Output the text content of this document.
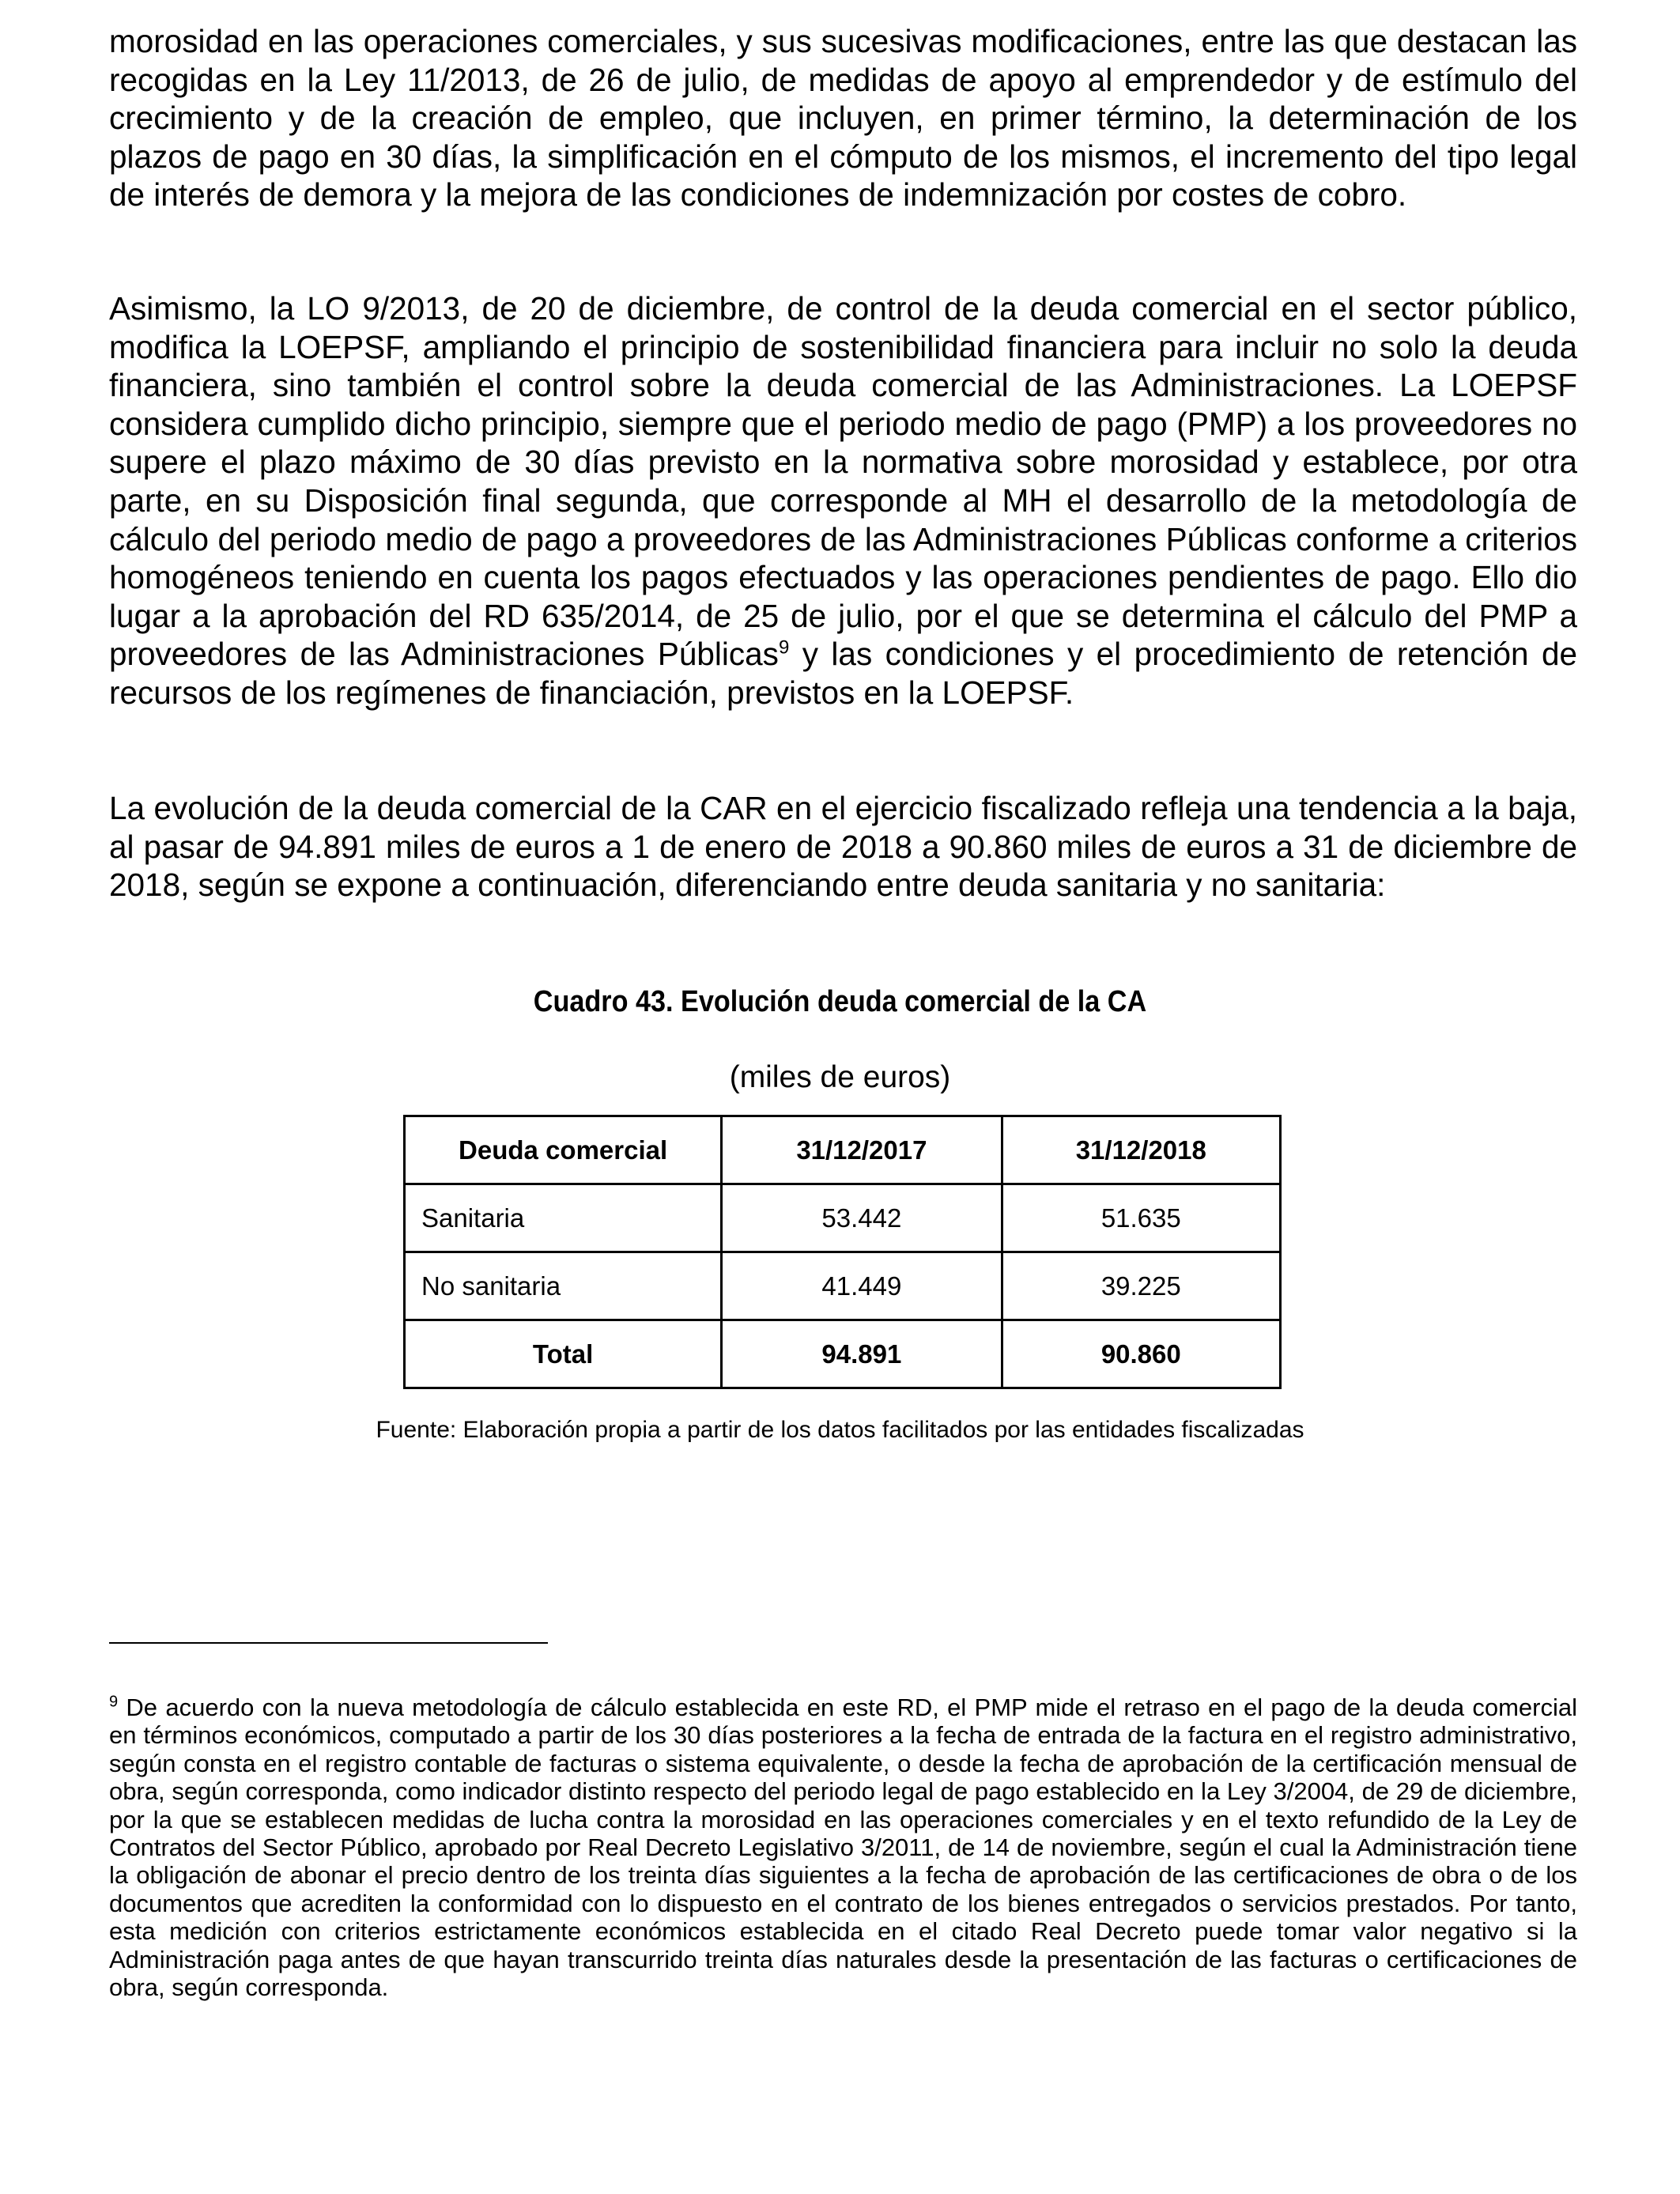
morosidad en las operaciones comerciales, y sus sucesivas modificaciones, entre las que destacan las recogidas en la Ley 11/2013, de 26 de julio, de medidas de apoyo al emprendedor y de estímulo del crecimiento y de la creación de empleo, que incluyen, en primer término, la determinación de los plazos de pago en 30 días, la simplificación en el cómputo de los mismos, el incremento del tipo legal de interés de demora y la mejora de las condiciones de indemnización por costes de cobro.

Asimismo, la LO 9/2013, de 20 de diciembre, de control de la deuda comercial en el sector público, modifica la LOEPSF, ampliando el principio de sostenibilidad financiera para incluir no solo la deuda financiera, sino también el control sobre la deuda comercial de las Administraciones. La LOEPSF considera cumplido dicho principio, siempre que el periodo medio de pago (PMP) a los proveedores no supere el plazo máximo de 30 días previsto en la normativa sobre morosidad y establece, por otra parte, en su Disposición final segunda, que corresponde al MH el desarrollo de la metodología de cálculo del periodo medio de pago a proveedores de las Administraciones Públicas conforme a criterios homogéneos teniendo en cuenta los pagos efectuados y las operaciones pendientes de pago. Ello dio lugar a la aprobación del RD 635/2014, de 25 de julio, por el que se determina el cálculo del PMP a proveedores de las Administraciones Públicas$^9$ y las condiciones y el procedimiento de retención de recursos de los regímenes de financiación, previstos en la LOEPSF.

La evolución de la deuda comercial de la CAR en el ejercicio fiscalizado refleja una tendencia a la baja, al pasar de 94.891 miles de euros a 1 de enero de 2018 a 90.860 miles de euros a 31 de diciembre de 2018, según se expone a continuación, diferenciando entre deuda sanitaria y no sanitaria:

Cuadro 43. Evolución deuda comercial de la CA

(miles de euros)

Deuda comercial	31/12/2017	31/12/2018
Sanitaria	53.442	51.635
No sanitaria	41.449	39.225
Total	94.891	90.860

Fuente: Elaboración propia a partir de los datos facilitados por las entidades fiscalizadas

$^9$ De acuerdo con la nueva metodología de cálculo establecida en este RD, el PMP mide el retraso en el pago de la deuda comercial en términos económicos, computado a partir de los 30 días posteriores a la fecha de entrada de la factura en el registro administrativo, según consta en el registro contable de facturas o sistema equivalente, o desde la fecha de aprobación de la certificación mensual de obra, según corresponda, como indicador distinto respecto del periodo legal de pago establecido en la Ley 3/2004, de 29 de diciembre, por la que se establecen medidas de lucha contra la morosidad en las operaciones comerciales y en el texto refundido de la Ley de Contratos del Sector Público, aprobado por Real Decreto Legislativo 3/2011, de 14 de noviembre, según el cual la Administración tiene la obligación de abonar el precio dentro de los treinta días siguientes a la fecha de aprobación de las certificaciones de obra o de los documentos que acrediten la conformidad con lo dispuesto en el contrato de los bienes entregados o servicios prestados. Por tanto, esta medición con criterios estrictamente económicos establecida en el citado Real Decreto puede tomar valor negativo si la Administración paga antes de que hayan transcurrido treinta días naturales desde la presentación de las facturas o certificaciones de obra, según corresponda.
